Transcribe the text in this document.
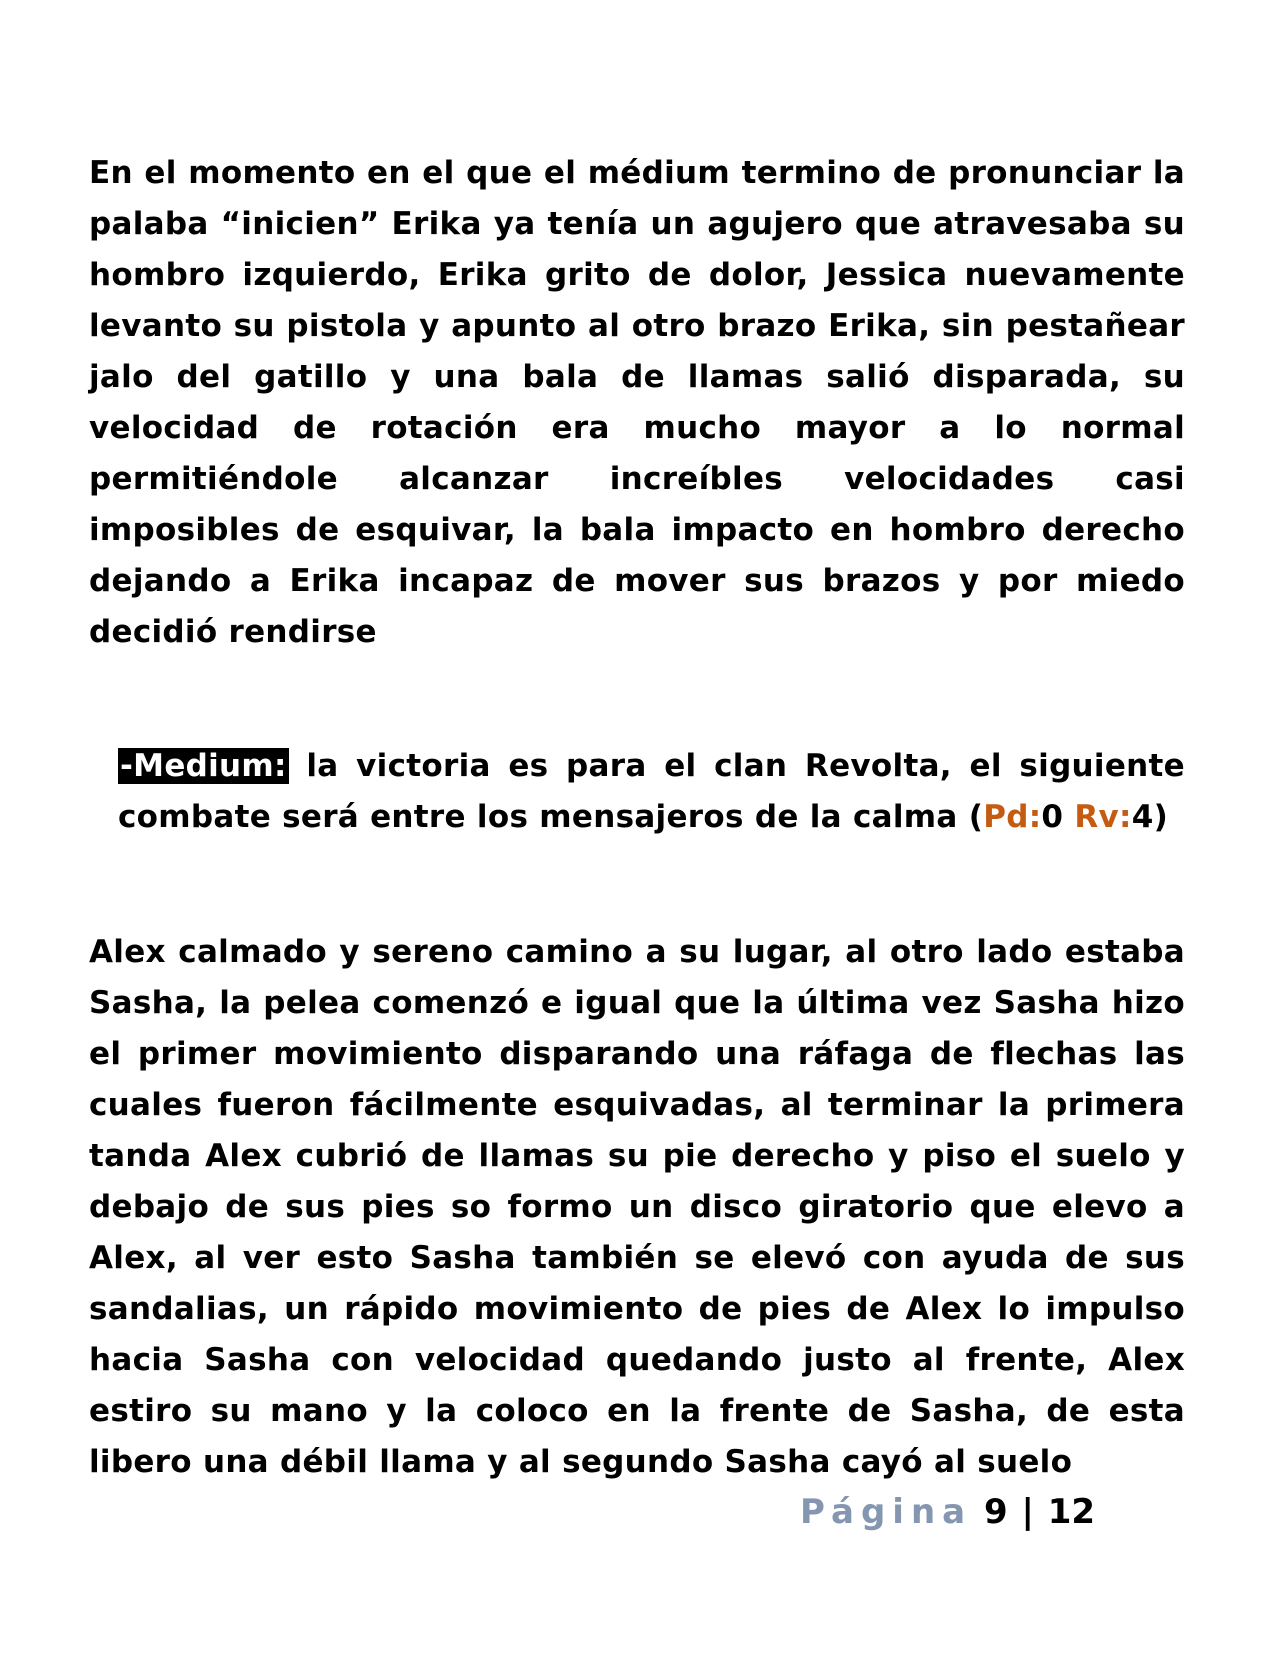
En el momento en el que el médium termino de pronunciar la palaba “inicien” Erika ya tenía un agujero que atravesaba su hombro izquierdo, Erika grito de dolor, Jessica nuevamente levanto su pistola y apunto al otro brazo Erika, sin pestañear jalo del gatillo y una bala de llamas salió disparada, su velocidad de rotación era mucho mayor a lo normal permitiéndole alcanzar increíbles velocidades casi imposibles de esquivar, la bala impacto en hombro derecho dejando a Erika incapaz de mover sus brazos y por miedo decidió rendirse

-Medium: la victoria es para el clan Revolta, el siguiente combate será entre los mensajeros de la calma (Pd:0 Rv:4)

Alex calmado y sereno camino a su lugar, al otro lado estaba Sasha, la pelea comenzó e igual que la última vez Sasha hizo el primer movimiento disparando una ráfaga de flechas las cuales fueron fácilmente esquivadas, al terminar la primera tanda Alex cubrió de llamas su pie derecho y piso el suelo y debajo de sus pies so formo un disco giratorio que elevo a Alex, al ver esto Sasha también se elevó con ayuda de sus sandalias, un rápido movimiento de pies de Alex lo impulso hacia Sasha con velocidad quedando justo al frente, Alex estiro su mano y la coloco en la frente de Sasha, de esta libero una débil llama y al segundo Sasha cayó al suelo

Página 9 | 12
